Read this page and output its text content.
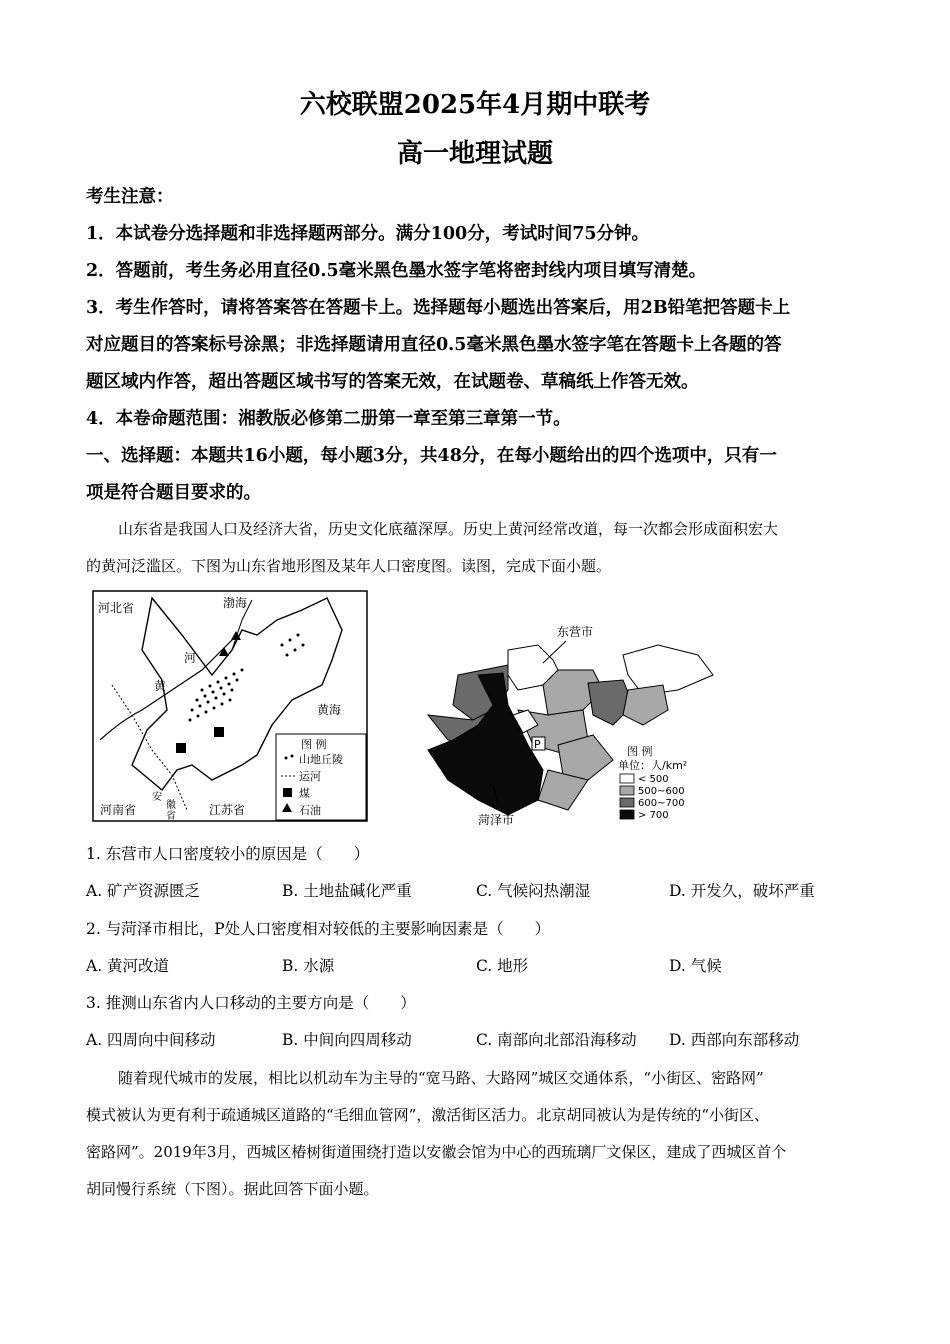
六校联盟2025年4月期中联考
高一地理试题
考生注意：
1．本试卷分选择题和非选择题两部分。满分100分，考试时间75分钟。
2．答题前，考生务必用直径0.5毫米黑色墨水签字笔将密封线内项目填写清楚。
3．考生作答时，请将答案答在答题卡上。选择题每小题选出答案后，用2B铅笔把答题卡上
对应题目的答案标号涂黑；非选择题请用直径0.5毫米黑色墨水签字笔在答题卡上各题的答
题区域内作答，超出答题区域书写的答案无效，在试题卷、草稿纸上作答无效。
4．本卷命题范围：湘教版必修第二册第一章至第三章第一节。
一、选择题：本题共16小题，每小题3分，共48分，在每小题给出的四个选项中，只有一
项是符合题目要求的。
山东省是我国人口及经济大省，历史文化底蕴深厚。历史上黄河经常改道，每一次都会形成面积宏大
的黄河泛滥区。下图为山东省地形图及某年人口密度图。读图，完成下面小题。
河北省	渤海
河
黄
黄海
河南省
安
徽
省	江苏省
图 例
山地丘陵
运河
煤
石油
东营市
P
菏泽市
图 例
单位：人/km²
< 500
500~600
600~700
> 700
1. 东营市人口密度较小的原因是（　　）
A. 矿产资源匮乏	B. 土地盐碱化严重	C. 气候闷热潮湿	D. 开发久，破坏严重
2. 与菏泽市相比，P处人口密度相对较低的主要影响因素是（　　）
A. 黄河改道	B. 水源	C. 地形	D. 气候
3. 推测山东省内人口移动的主要方向是（　　）
A. 四周向中间移动	B. 中间向四周移动	C. 南部向北部沿海移动 D. 西部向东部移动
随着现代城市的发展，相比以机动车为主导的“宽马路、大路网”城区交通体系，“小街区、密路网”
模式被认为更有利于疏通城区道路的“毛细血管网”，激活街区活力。北京胡同被认为是传统的“小街区、
密路网”。2019年3月，西城区椿树街道围绕打造以安徽会馆为中心的西琉璃厂文保区，建成了西城区首个
胡同慢行系统（下图）。据此回答下面小题。
